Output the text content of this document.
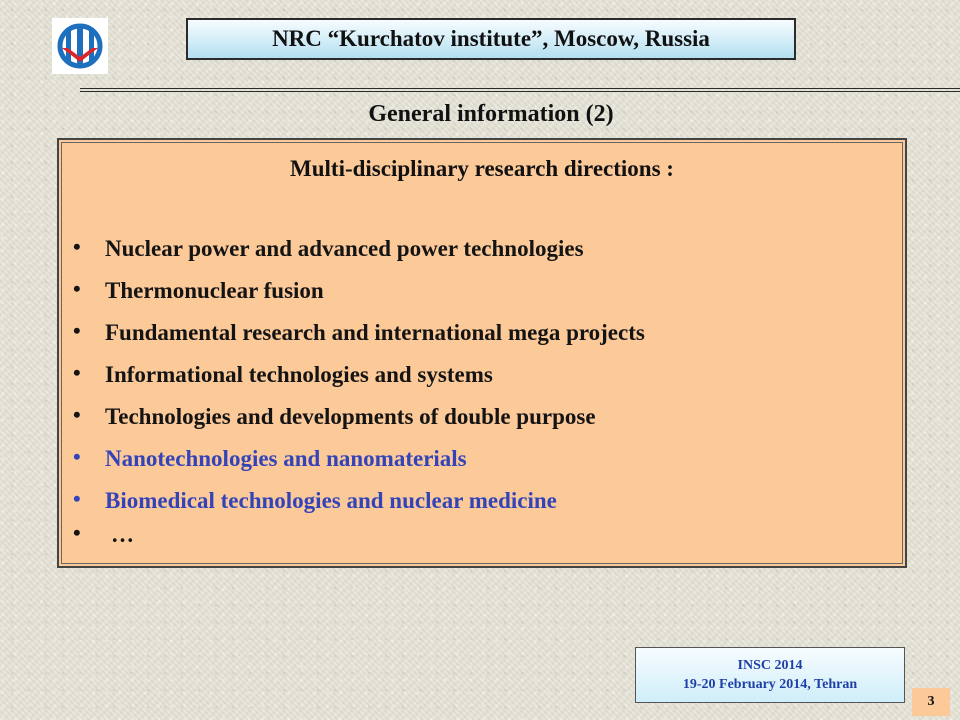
NRC “Kurchatov institute”, Moscow, Russia
General information (2)
Multi-disciplinary research directions :
• Nuclear power and advanced power technologies
• Thermonuclear fusion
• Fundamental research and international mega projects
• Informational technologies and systems
• Technologies and developments of double purpose
• Nanotechnologies and nanomaterials
• Biomedical technologies and nuclear medicine
• …
INSC 2014
19-20 February 2014, Tehran
3
